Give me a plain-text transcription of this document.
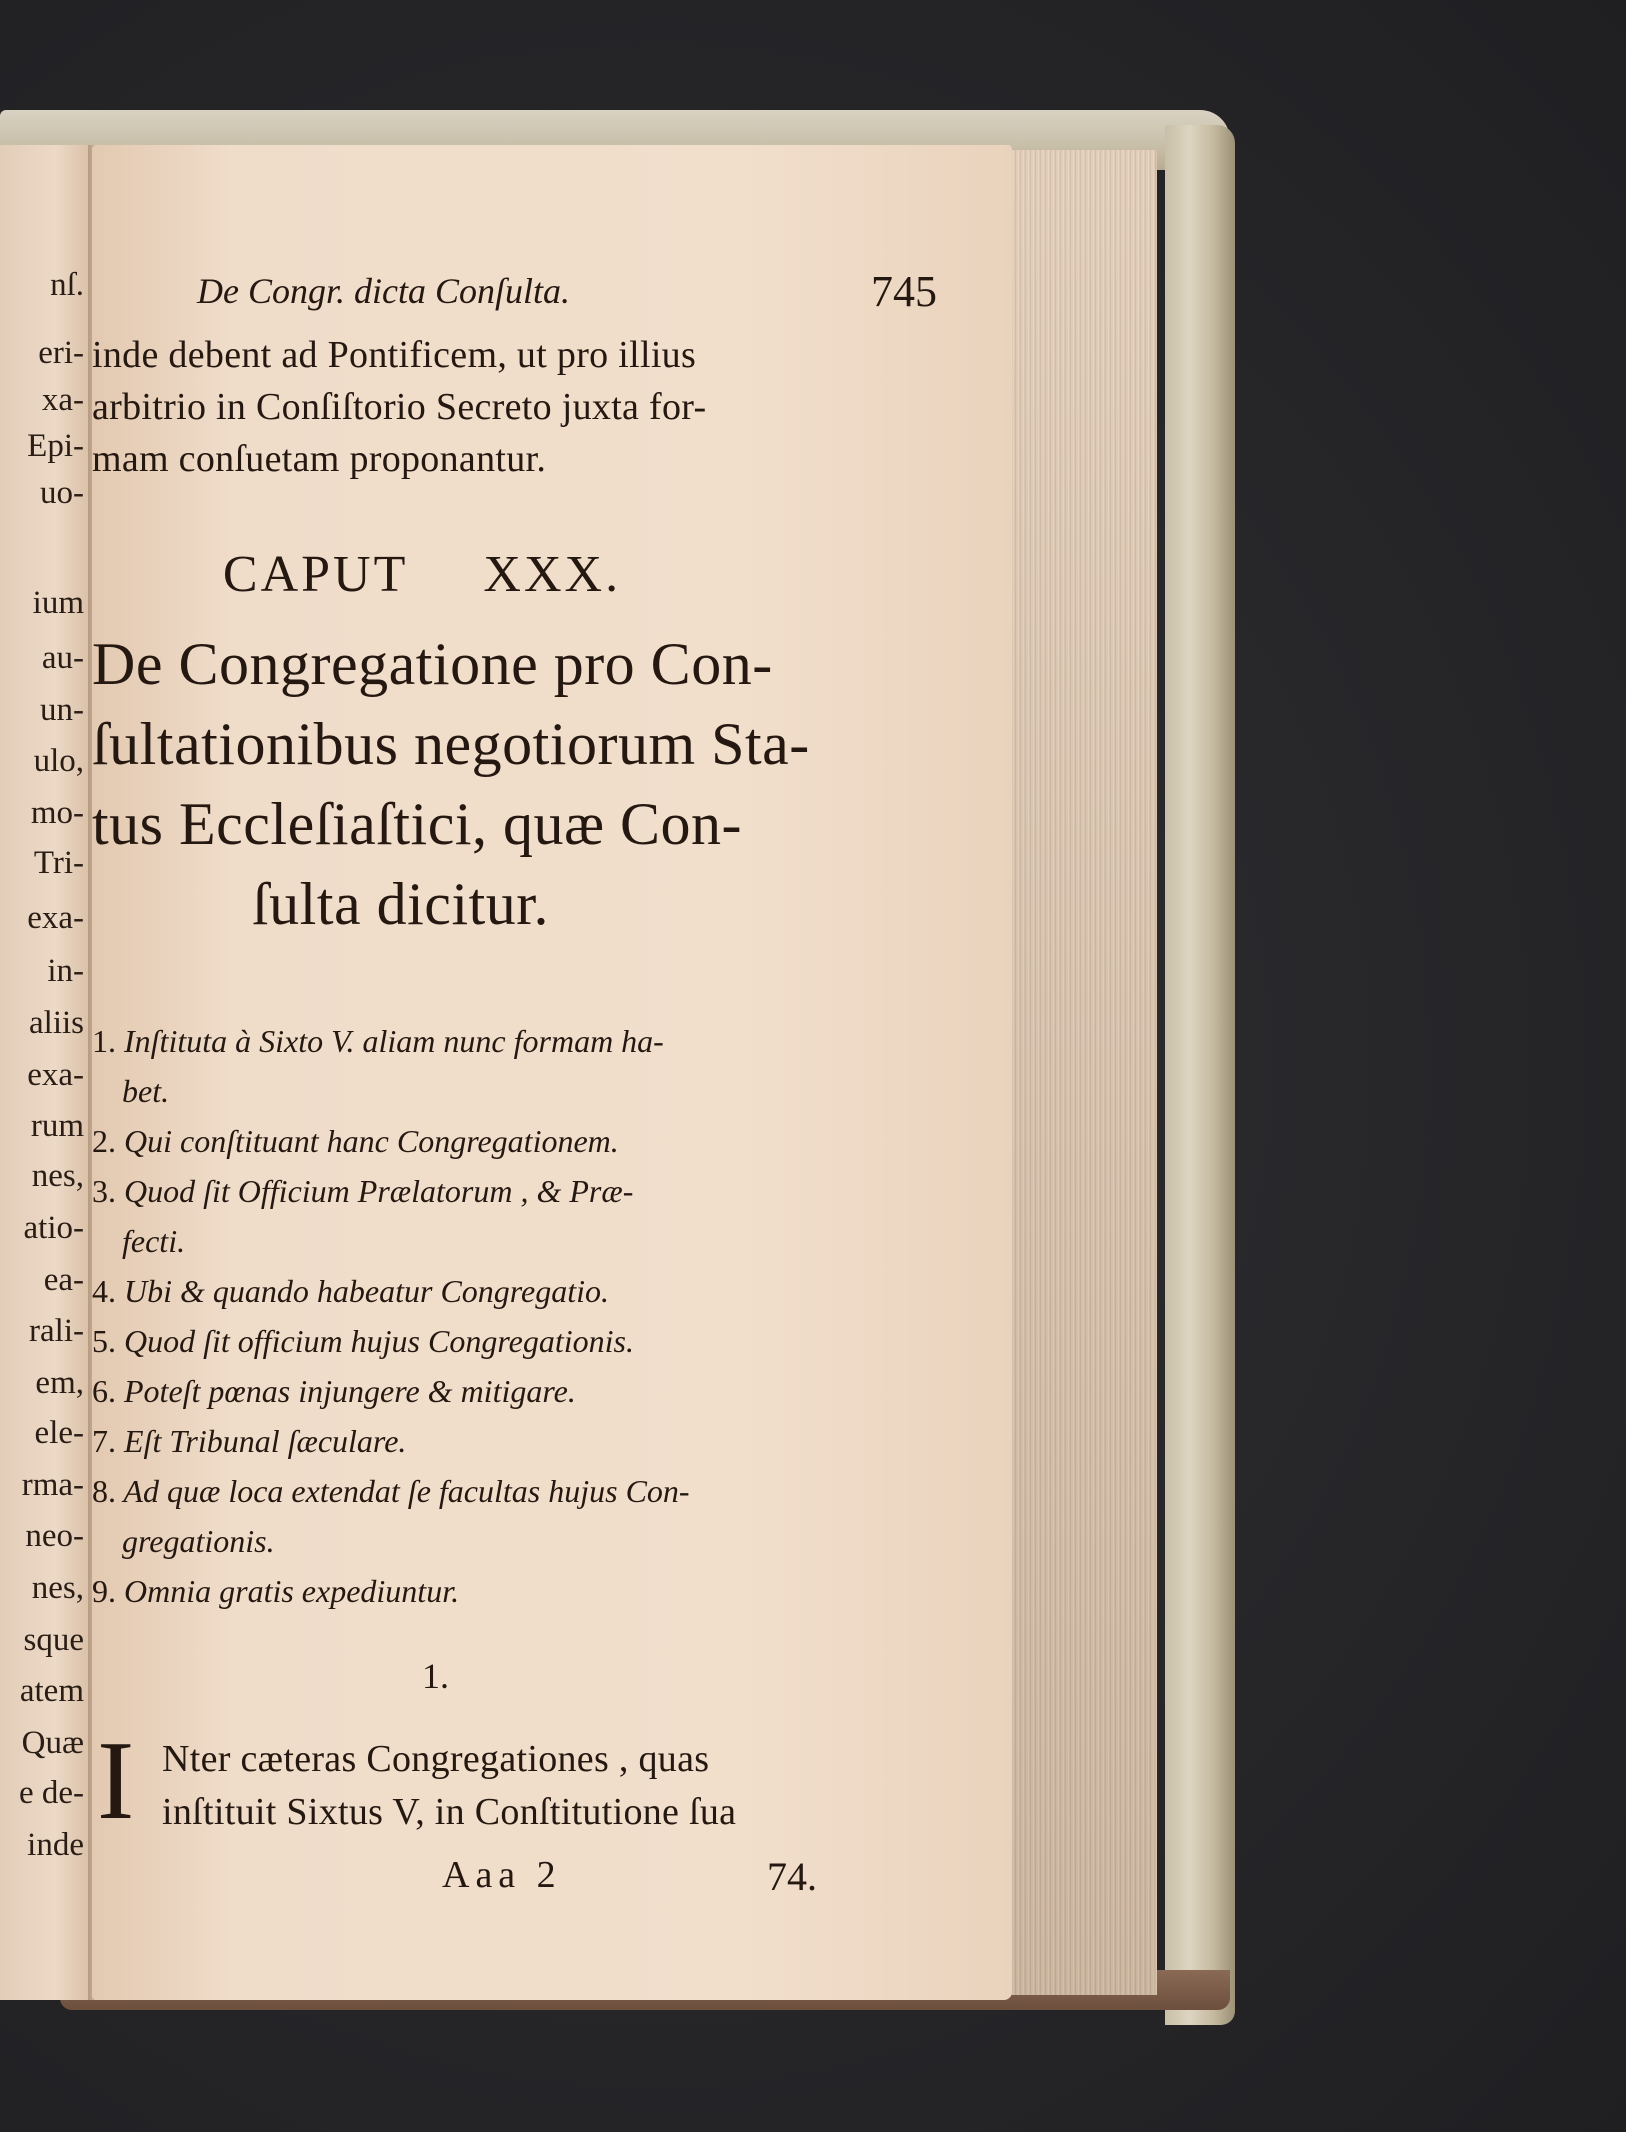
nſ.
eri-
xa-
Epi-
uo-
ium
au-
un-
ulo,
mo-
Tri-
exa-
in-
aliis
exa-
rum
nes,
atio-
ea-
rali-
em,
ele-
rma-
neo-
nes,
sque
atem
Quæ
e de-
inde
De Congr. dicta Conſulta.	745
inde debent ad Pontificem, ut pro illius
arbitrio in Conſiſtorio Secreto juxta for-
mam conſuetam proponantur.
CAPUT XXX.
De Congregatione pro Con-
ſultationibus negotiorum Sta-
tus Eccleſiaſtici, quæ Con-
ſulta dicitur.
1. Inſtituta à Sixto V. aliam nunc formam ha-
bet.
2. Qui conſtituant hanc Congregationem.
3. Quod ſit Officium Prælatorum , & Præ-
fecti.
4. Ubi & quando habeatur Congregatio.
5. Quod ſit officium hujus Congregationis.
6. Poteſt pœnas injungere & mitigare.
7. Eſt Tribunal ſæculare.
8. Ad quæ loca extendat ſe facultas hujus Con-
gregationis.
9. Omnia gratis expediuntur.
1.
I Nter cæteras Congregationes , quas
inſtituit Sixtus V, in Conſtitutione ſua
Aaa 2	74.
